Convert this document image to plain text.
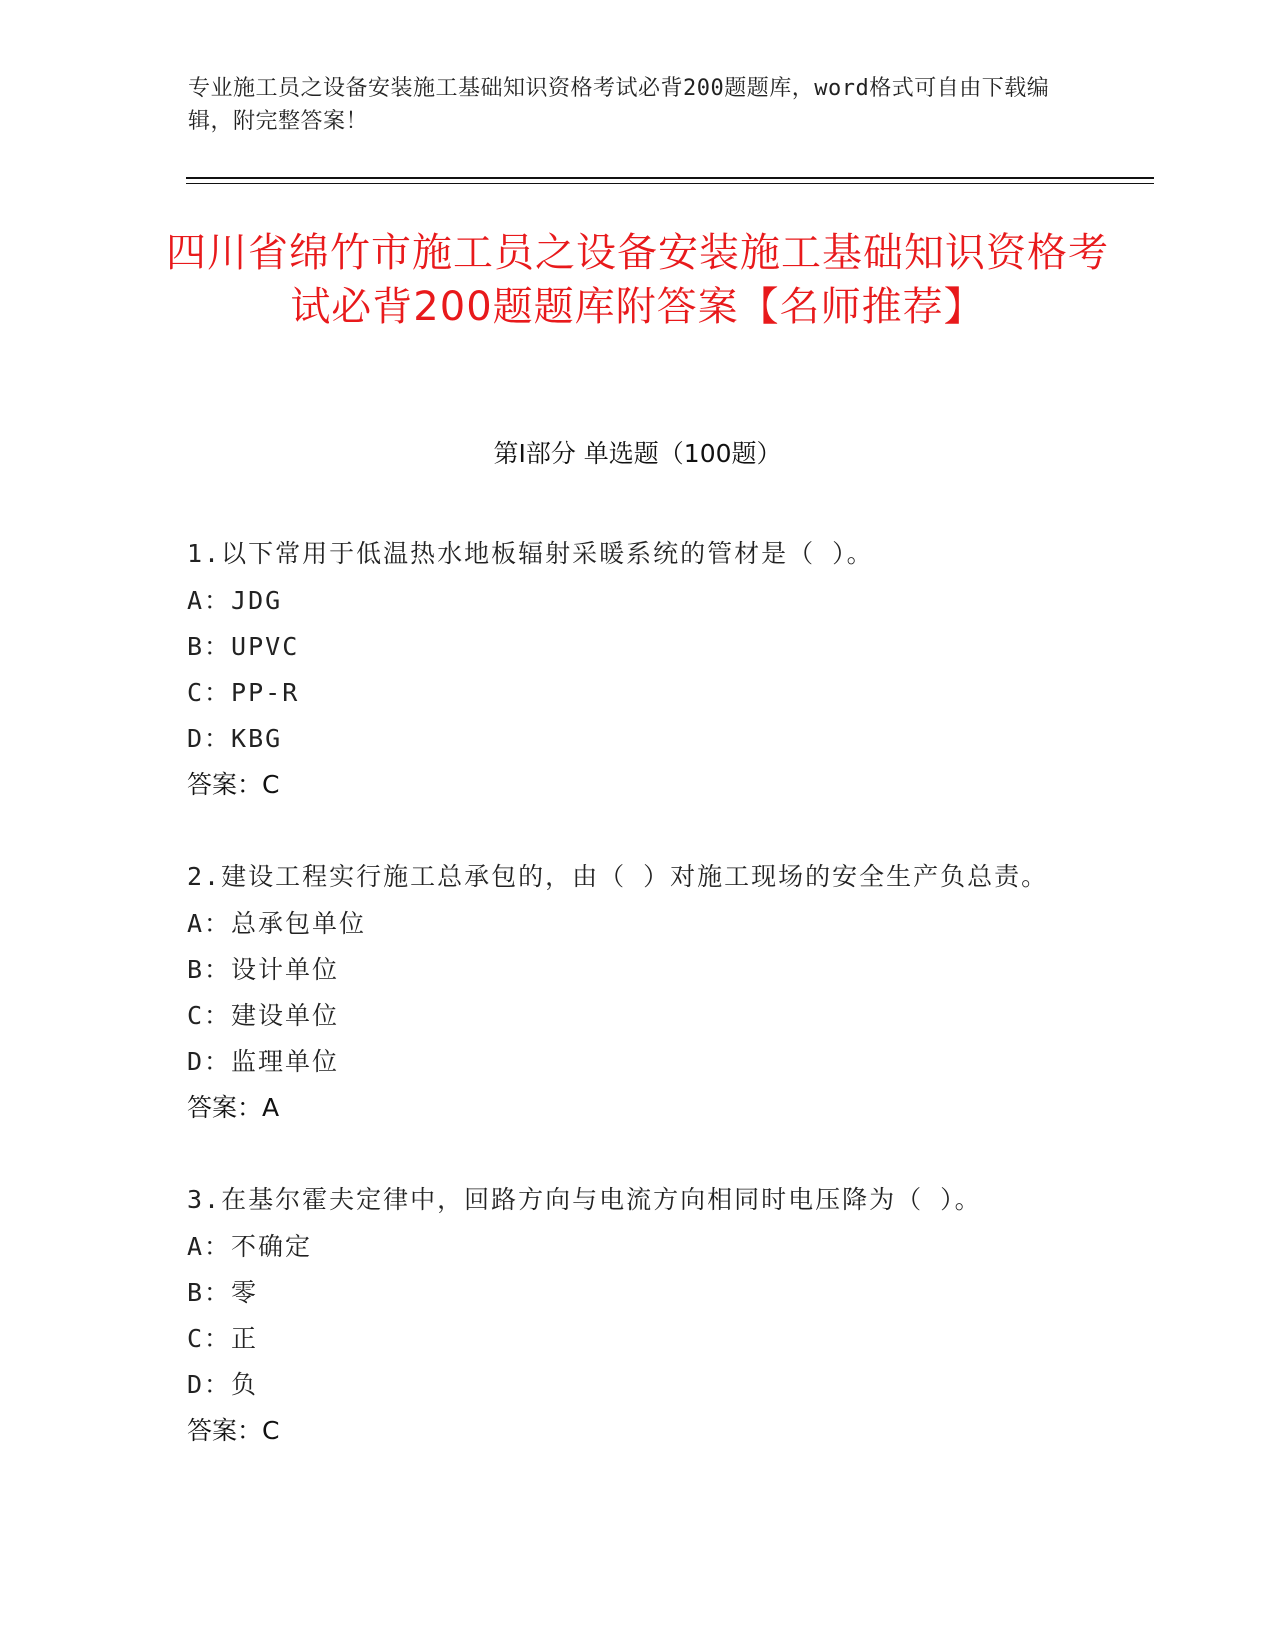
专业施工员之设备安装施工基础知识资格考试必背200题题库，word格式可自由下载编辑，附完整答案！
四川省绵竹市施工员之设备安装施工基础知识资格考试必背200题题库附答案【名师推荐】
第Ⅰ部分 单选题（100题）
1.以下常用于低温热水地板辐射采暖系统的管材是（ ）。
A：JDG
B：UPVC
C：PP-R
D：KBG
答案：C
2.建设工程实行施工总承包的，由（ ）对施工现场的安全生产负总责。
A：总承包单位
B：设计单位
C：建设单位
D：监理单位
答案：A
3.在基尔霍夫定律中，回路方向与电流方向相同时电压降为（ ）。
A：不确定
B：零
C：正
D：负
答案：C
